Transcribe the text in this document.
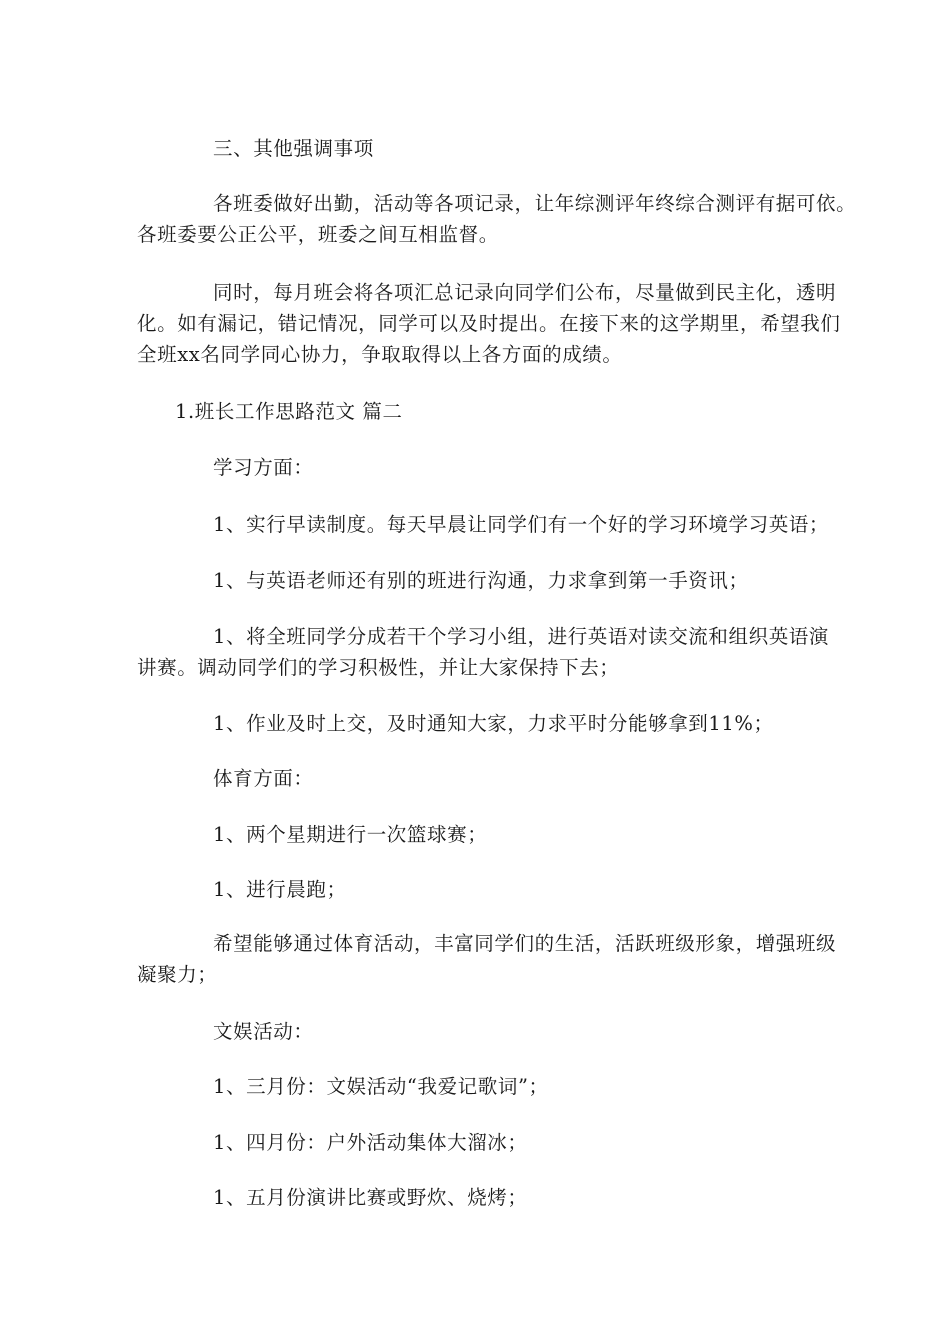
三、其他强调事项

各班委做好出勤，活动等各项记录，让年综测评年终综合测评有据可依。
各班委要公正公平，班委之间互相监督。

同时，每月班会将各项汇总记录向同学们公布，尽量做到民主化，透明
化。如有漏记，错记情况，同学可以及时提出。在接下来的这学期里，希望我们
全班xx名同学同心协力，争取取得以上各方面的成绩。

1.班长工作思路范文 篇二

学习方面：

1、实行早读制度。每天早晨让同学们有一个好的学习环境学习英语；

1、与英语老师还有别的班进行沟通，力求拿到第一手资讯；

1、将全班同学分成若干个学习小组，进行英语对读交流和组织英语演
讲赛。调动同学们的学习积极性，并让大家保持下去；

1、作业及时上交，及时通知大家，力求平时分能够拿到11%；

体育方面：

1、两个星期进行一次篮球赛；

1、进行晨跑；

希望能够通过体育活动，丰富同学们的生活，活跃班级形象，增强班级
凝聚力；

文娱活动：

1、三月份：文娱活动“我爱记歌词”；

1、四月份：户外活动集体大溜冰；

1、五月份演讲比赛或野炊、烧烤；
